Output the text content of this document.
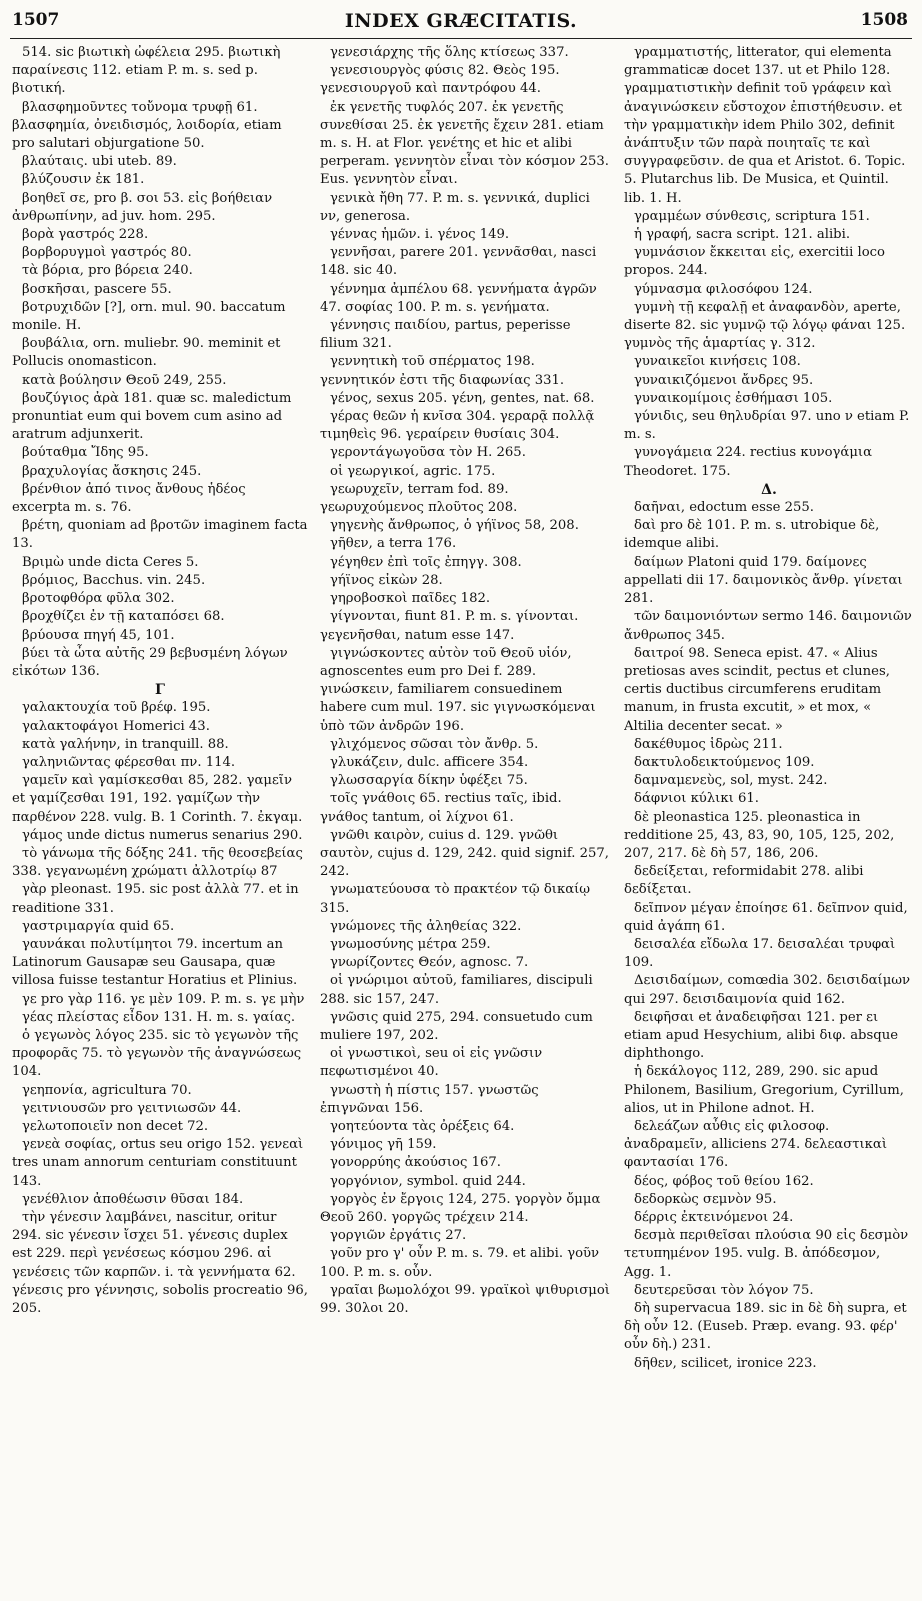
1507	INDEX GRÆCITATIS.	1508

514. sic βιωτικὴ ὠφέλεια 295. βιωτικὴ παραίνεσις 112. etiam P. m. s. sed p. βιοτική.

βλασφημοῦντες τοὔνομα τρυφῇ 61. βλασφημία, ὀνειδισμός, λοιδορία, etiam pro salutari objurgatione 50.

βλαύταις. ubi uteb. 89.

βλύζουσιν ἐκ 181.

βοηθεῖ σε, pro β. σοι 53. εἰς βοήθειαν ἀνθρωπίνην, ad juv. hom. 295.

βορὰ γαστρός 228.

βορβορυγμοὶ γαστρός 80.

τὰ βόρια, pro βόρεια 240.

βοσκῆσαι, pascere 55.

βοτρυχιδῶν [?], orn. mul. 90. baccatum monile. H.

βουβάλια, orn. muliebr. 90. meminit et Pollucis onomasticon.

κατὰ βούλησιν Θεοῦ 249, 255.

βουζύγιος ἀρὰ 181. quæ sc. maledictum pronuntiat eum qui bovem cum asino ad aratrum adjunxerit.

βούταθμα Ἴδης 95.

βραχυλογίας ἄσκησις 245.

βρένθιον ἀπό τινος ἄνθους ἡδέος excerpta m. s. 76.

βρέτη, quoniam ad βροτῶν imaginem facta 13.

Βριμὼ unde dicta Ceres 5.

βρόμιος, Bacchus. vin. 245.

βροτοφθόρα φῦλα 302.

βροχθίζει ἐν τῇ καταπόσει 68.

βρύουσα πηγή 45, 101.

βύει τὰ ὦτα αὐτῆς 29 βεβυσμένη λόγων εἰκότων 136.

Γ

γαλακτουχία τοῦ βρέφ. 195.

γαλακτοφάγοι Homerici 43.

κατὰ γαλήνην, in tranquill. 88.

γαληνιῶντας φέρεσθαι πν. 114.

γαμεῖν καὶ γαμίσκεσθαι 85, 282. γαμεῖν et γαμίζεσθαι 191, 192. γαμίζων τὴν παρθένον 228. vulg. B. 1 Corinth. 7. ἐκγαμ.

γάμος unde dictus numerus senarius 290.

τὸ γάνωμα τῆς δόξης 241. τῆς θεοσεβείας 338. γεγανωμένη χρώματι ἀλλοτρίῳ 87

γὰρ pleonast. 195. sic post ἀλλὰ 77. et in readitione 331.

γαστριμαργία quid 65.

γαυνάκαι πολυτίμητοι 79. incertum an Latinorum Gausapæ seu Gausapa, quæ villosa fuisse testantur Horatius et Plinius.

γε pro γὰρ 116. γε μὲν 109. P. m. s. γε μὴν

γέας πλείστας εἶδον 131. H. m. s. γαίας.

ὁ γεγωνὸς λόγος 235. sic τὸ γεγωνὸν τῆς προφορᾶς 75. τὸ γεγωνὸν τῆς ἀναγνώσεως 104.

γεηπονία, agricultura 70.

γειτνιουσῶν pro γειτνιωσῶν 44.

γελωτοποιεῖν non decet 72.

γενεὰ σοφίας, ortus seu origo 152. γενεαὶ tres unam annorum centuriam constituunt 143.

γενέθλιον ἀποθέωσιν θῦσαι 184.

τὴν γένεσιν λαμβάνει, nascitur, oritur 294. sic γένεσιν ἴσχει 51. γένεσις duplex est 229. περὶ γενέσεως κόσμου 296. αἱ γενέσεις τῶν καρπῶν. i. τὰ γεννήματα 62. γένεσις pro γέννησις, sobolis procreatio 96, 205.

γενεσιάρχης τῆς ὅλης κτίσεως 337.

γενεσιουργὸς φύσις 82. Θεὸς 195. γενεσιουργοῦ καὶ παντρόφου 44.

ἐκ γενετῆς τυφλός 207. ἐκ γενετῆς συνεθίσαι 25. ἐκ γενετῆς ἔχειν 281. etiam m. s. H. at Flor. γενέτης et hic et alibi perperam. γεννητὸν εἶναι τὸν κόσμον 253. Eus. γεννητὸν εἶναι.

γενικὰ ἤθη 77. P. m. s. γεννικά, duplici νν, generosa.

γέννας ἡμῶν. i. γένος 149.

γεννῆσαι, parere 201. γεννᾶσθαι, nasci 148. sic 40.

γέννημα ἀμπέλου 68. γεννήματα ἀγρῶν 47. σοφίας 100. P. m. s. γενήματα.

γέννησις παιδίου, partus, peperisse filium 321.

γεννητικὴ τοῦ σπέρματος 198. γεννητικόν ἐστι τῆς διαφωνίας 331.

γένος, sexus 205. γένη, gentes, nat. 68.

γέρας θεῶν ἡ κνῖσα 304. γεραρᾷ πολλᾷ τιμηθεὶς 96. γεραίρειν θυσίαις 304.

γεροντάγωγοῦσα τὸν H. 265.

οἱ γεωργικοί, agric. 175.

γεωρυχεῖν, terram fod. 89. γεωρυχούμενος πλοῦτος 208.

γηγενὴς ἄνθρωπος, ὁ γήϊνος 58, 208.

γῆθεν, a terra 176.

γέγηθεν ἐπὶ τοῖς ἐπηγγ. 308.

γήϊνος εἰκὼν 28.

γηροβοσκοὶ παῖδες 182.

γίγνονται, fiunt 81. P. m. s. γίνονται. γεγενῆσθαι, natum esse 147.

γιγνώσκοντες αὐτὸν τοῦ Θεοῦ υἱόν, agnoscentes eum pro Dei f. 289. γινώσκειν, familiarem consuedinem habere cum mul. 197. sic γιγνωσκόμεναι ὑπὸ τῶν ἀνδρῶν 196.

γλιχόμενος σῶσαι τὸν ἄνθρ. 5.

γλυκάζειν, dulc. afficere 354.

γλωσσαργία δίκην ὑφέξει 75.

τοῖς γνάθοις 65. rectius ταῖς, ibid. γνάθος tantum, οἱ λίχνοι 61.

γνῶθι καιρὸν, cuius d. 129. γνῶθι σαυτὸν, cujus d. 129, 242. quid signif. 257, 242.

γνωματεύουσα τὸ πρακτέον τῷ δικαίῳ 315.

γνώμονες τῆς ἀληθείας 322.

γνωμοσύνης μέτρα 259.

γνωρίζοντες Θεόν, agnosc. 7.

οἱ γνώριμοι αὐτοῦ, familiares, discipuli 288. sic 157, 247.

γνῶσις quid 275, 294. consuetudo cum muliere 197, 202.

οἱ γνωστικοὶ, seu οἱ εἰς γνῶσιν πεφωτισμένοι 40.

γνωστὴ ἡ πίστις 157. γνωστῶς ἐπιγνῶναι 156.

γοητεύοντα τὰς ὀρέξεις 64.

γόνιμος γῆ 159.

γονορρύης ἀκούσιος 167.

γοργόνιον, symbol. quid 244.

γοργὸς ἐν ἔργοις 124, 275. γοργὸν ὄμμα Θεοῦ 260. γοργῶς τρέχειν 214.

γοργιῶν ἐργάτις 27.

γοῦν pro γ' οὖν P. m. s. 79. et alibi. γοῦν 100. P. m. s. οὖν.

γραῖαι βωμολόχοι 99. γραϊκοὶ ψιθυρισμοὶ 99. 30λοι 20.

γραμματιστής, litterator, qui elementa grammaticæ docet 137. ut et Philo 128. γραμματιστικὴν definit τοῦ γράφειν καὶ ἀναγινώσκειν εὔστοχον ἐπιστήθευσιν. et τὴν γραμματικὴν idem Philo 302, definit ἀνάπτυξιν τῶν παρὰ ποιηταῖς τε καὶ συγγραφεῦσιν. de qua et Aristot. 6. Topic. 5. Plutarchus lib. De Musica, et Quintil. lib. 1. H.

γραμμέων σύνθεσις, scriptura 151.

ἡ γραφή, sacra script. 121. alibi.

γυμνάσιον ἔκκειται εἰς, exercitii loco propos. 244.

γύμνασμα φιλοσόφου 124.

γυμνὴ τῇ κεφαλῇ et ἀναφανδὸν, aperte, diserte 82. sic γυμνῷ τῷ λόγῳ φάναι 125. γυμνὸς τῆς ἁμαρτίας γ. 312.

γυναικεῖοι κινήσεις 108.

γυναικιζόμενοι ἄνδρες 95.

γυναικομίμοις ἐσθήμασι 105.

γύνιδις, seu θηλυδρίαι 97. uno ν etiam P. m. s.

γυνογάμεια 224. rectius κυνογάμια Theodoret. 175.

Δ.

δαῆναι, edoctum esse 255.

δαὶ pro δὲ 101. P. m. s. utrobique δὲ, idemque alibi.

δαίμων Platoni quid 179. δαίμονες appellati dii 17. δαιμονικὸς ἄνθρ. γίνεται 281.

τῶν δαιμονιόντων sermo 146. δαιμονιῶν ἄνθρωπος 345.

δαιτροί 98. Seneca epist. 47. « Alius pretiosas aves scindit, pectus et clunes, certis ductibus circumferens eruditam manum, in frusta excutit, » et mox, « Altilia decenter secat. »

δακέθυμος ἱδρὼς 211.

δακτυλοδεικτούμενος 109.

δαμναμενεὺς, sol, myst. 242.

δάφνιοι κύλικι 61.

δὲ pleonastica 125. pleonastica in redditione 25, 43, 83, 90, 105, 125, 202, 207, 217. δὲ δὴ 57, 186, 206.

δεδείξεται, reformidabit 278. alibi δεδίξεται.

δεῖπνον μέγαν ἐποίησε 61. δεῖπνον quid, quid ἀγάπη 61.

δεισαλέα εἴδωλα 17. δεισαλέαι τρυφαὶ 109.

Δεισιδαίμων, comœdia 302. δεισιδαίμων qui 297. δεισιδαιμονία quid 162.

δειφῆσαι et ἀναδειφῆσαι 121. per ει etiam apud Hesychium, alibi διφ. absque diphthongo.

ἡ δεκάλογος 112, 289, 290. sic apud Philonem, Basilium, Gregorium, Cyrillum, alios, ut in Philone adnot. H.

δελεάζων αὖθις εἰς φιλοσοφ. ἀναδραμεῖν, alliciens 274. δελεαστικαὶ φαντασίαι 176.

δέος, φόβος τοῦ θείου 162.

δεδορκὼς σεμνὸν 95.

δέρρις ἐκτεινόμενοι 24.

δεσμὰ περιθεῖσαι πλούσια 90 εἰς δεσμὸν τετυπημένον 195. vulg. B. ἀπόδεσμον, Agg. 1.

δευτερεῦσαι τὸν λόγον 75.

δὴ supervacua 189. sic in δὲ δὴ supra, et δὴ οὖν 12. (Euseb. Præp. evang. 93. φέρ' οὖν δὴ.) 231.

δῆθεν, scilicet, ironice 223.
